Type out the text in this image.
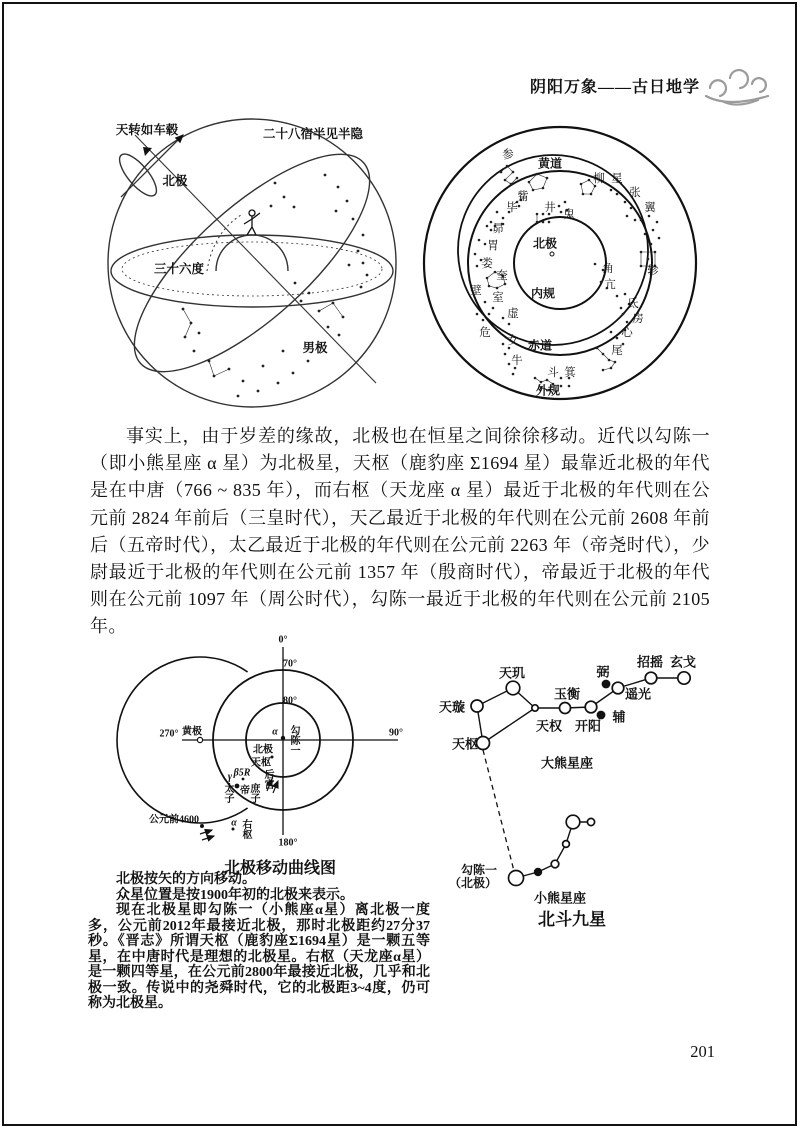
阴阳万象——古日地学
天转如车毂	二十八宿半见半隐
北极
三十六度
男极
北极
内规
赤道
外规
黄道
参
觜
毕 井
鬼
柳 星
张
翼
轸
角
亢
氐
房
心
尾
箕
斗
牛
女
虚
危
室
壁
奎
娄
胃
昴
事实上，由于岁差的缘故，北极也在恒星之间徐徐移动。近代以勾陈一（即小熊星座 α 星）为北极星，天枢（鹿豹座 Σ1694 星）最靠近北极的年代是在中唐（766 ~ 835 年），而右枢（天龙座 α 星）最近于北极的年代则在公元前 2824 年前后（三皇时代），天乙最近于北极的年代则在公元前 2608 年前后（五帝时代），太乙最近于北极的年代则在公元前 2263 年（帝尧时代），少尉最近于北极的年代则在公元前 1357 年（殷商时代），帝最近于北极的年代则在公元前 1097 年（周公时代），勾陈一最近于北极的年代则在公元前 2105 年。
0°
70°
80°
90°
180°
270° 黄极	α 勾陈一
北极
天枢
β5R 后宫
γ
太子 帝
庶子
公元前4600	α 右枢
北极移动曲线图

北极按矢的方向移动。

众星位置是按1900年初的北极来表示。

现在北极星即勾陈一（小熊座α星）离北极一度多，公元前2012年最接近北极，那时北极距约27分37秒。《晋志》所谓天枢（鹿豹座Σ1694星）是一颗五等星，在中唐时代是理想的北极星。右枢（天龙座α星）是一颗四等星，在公元前2800年最接近北极，几乎和北极一致。传说中的尧舜时代，它的北极距3~4度，仍可称为北极星。

天枢
天璇
天玑
天权
玉衡
开阳
弼
辅
遥光
招摇 玄戈
大熊星座
勾陈一
（北极）
小熊星座
北斗九星
201
